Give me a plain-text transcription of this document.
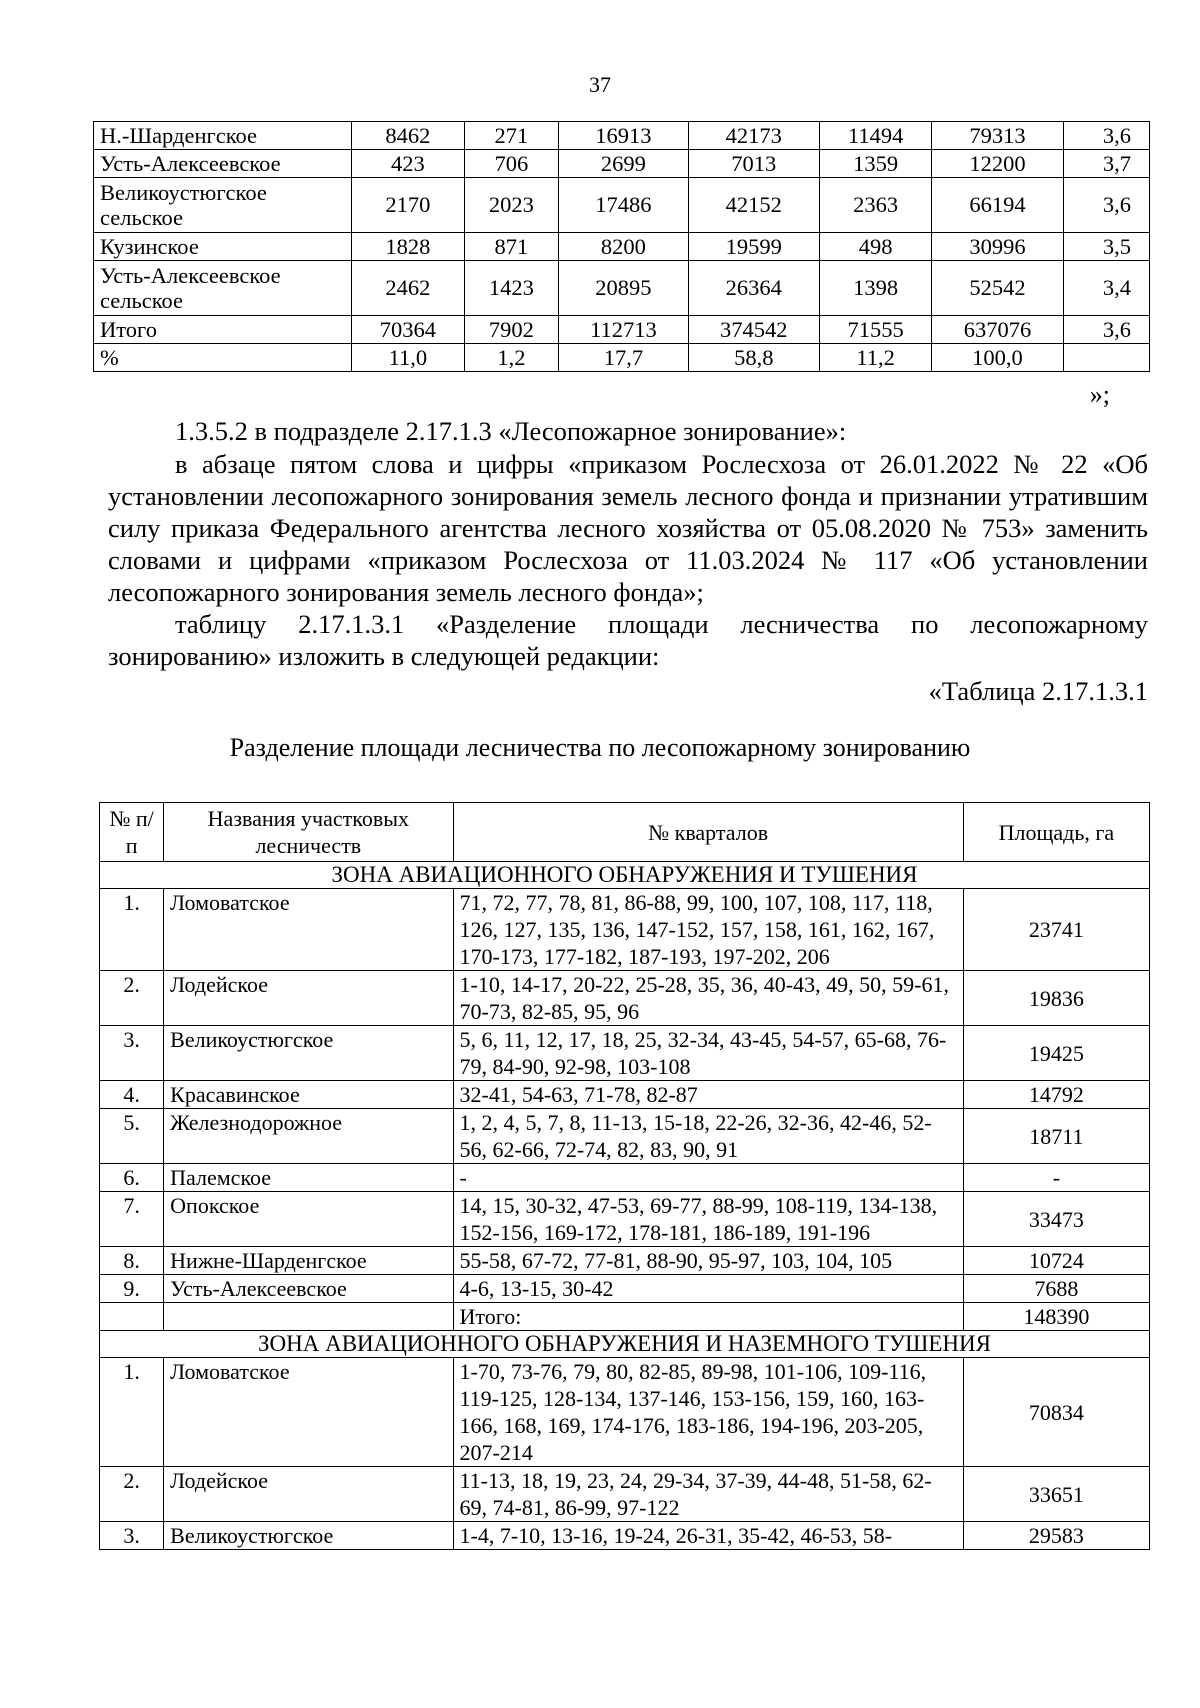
37
Н.-Шарденгское	8462	271	16913	42173	11494	79313	3,6
Усть-Алексеевское	423	706	2699	7013	1359	12200	3,7
Великоустюгское сельское	2170	2023	17486	42152	2363	66194	3,6
Кузинское	1828	871	8200	19599	498	30996	3,5
Усть-Алексеевское сельское	2462	1423	20895	26364	1398	52542	3,4
Итого	70364	7902	112713	374542	71555	637076	3,6
%	11,0	1,2	17,7	58,8	11,2	100,0	
»;
1.3.5.2 в подразделе 2.17.1.3 «Лесопожарное зонирование»:

в абзаце пятом слова и цифры «приказом Рослесхоза от 26.01.2022 № 22 «Об установлении лесопожарного зонирования земель лесного фонда и признании утратившим силу приказа Федерального агентства лесного хозяйства от 05.08.2020 № 753» заменить словами и цифрами «приказом Рослесхоза от 11.03.2024 № 117 «Об установлении лесопожарного зонирования земель лесного фонда»;

таблицу 2.17.1.3.1 «Разделение площади лесничества по лесопожарному зонированию» изложить в следующей редакции:

«Таблица 2.17.1.3.1
Разделение площади лесничества по лесопожарному зонированию
№ п/п	Названия участковых лесничеств	№ кварталов	Площадь, га
ЗОНА АВИАЦИОННОГО ОБНАРУЖЕНИЯ И ТУШЕНИЯ			
1.	Ломоватское	71, 72, 77, 78, 81, 86-88, 99, 100, 107, 108, 117, 118, 126, 127, 135, 136, 147-152, 157, 158, 161, 162, 167, 170-173, 177-182, 187-193, 197-202, 206	23741
2.	Лодейское	1-10, 14-17, 20-22, 25-28, 35, 36, 40-43, 49, 50, 59-61, 70-73, 82-85, 95, 96	19836
3.	Великоустюгское	5, 6, 11, 12, 17, 18, 25, 32-34, 43-45, 54-57, 65-68, 76-79, 84-90, 92-98, 103-108	19425
4.	Красавинское	32-41, 54-63, 71-78, 82-87	14792
5.	Железнодорожное	1, 2, 4, 5, 7, 8, 11-13, 15-18, 22-26, 32-36, 42-46, 52-56, 62-66, 72-74, 82, 83, 90, 91	18711
6.	Палемское	-	-
7.	Опокское	14, 15, 30-32, 47-53, 69-77, 88-99, 108-119, 134-138, 152-156, 169-172, 178-181, 186-189, 191-196	33473
8.	Нижне-Шарденгское	55-58, 67-72, 77-81, 88-90, 95-97, 103, 104, 105	10724
9.	Усть-Алексеевское	4-6, 13-15, 30-42	7688
		Итого:	148390
ЗОНА АВИАЦИОННОГО ОБНАРУЖЕНИЯ И НАЗЕМНОГО ТУШЕНИЯ			
1.	Ломоватское	1-70, 73-76, 79, 80, 82-85, 89-98, 101-106, 109-116, 119-125, 128-134, 137-146, 153-156, 159, 160, 163-166, 168, 169, 174-176, 183-186, 194-196, 203-205, 207-214	70834
2.	Лодейское	11-13, 18, 19, 23, 24, 29-34, 37-39, 44-48, 51-58, 62-69, 74-81, 86-99, 97-122	33651
3.	Великоустюгское	1-4, 7-10, 13-16, 19-24, 26-31, 35-42, 46-53, 58-	29583
